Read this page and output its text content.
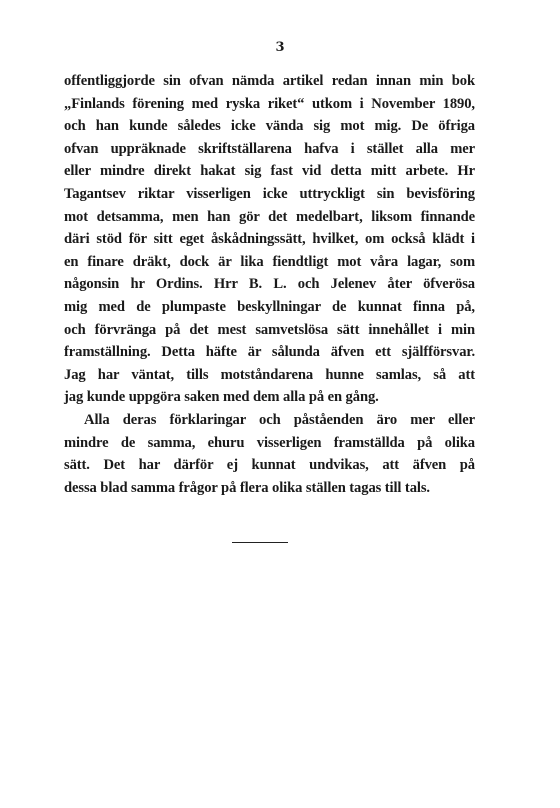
3
offentliggjorde sin ofvan nämda artikel redan innan min bok
„Finlands förening med ryska riket“ utkom i November 1890,
och han kunde således icke vända sig mot mig. De öfriga
ofvan uppräknade skriftställarena hafva i stället alla mer
eller mindre direkt hakat sig fast vid detta mitt arbete. Hr
Tagantsev riktar visserligen icke uttryckligt sin bevisföring
mot detsamma, men han gör det medelbart, liksom finnande
däri stöd för sitt eget åskådningssätt, hvilket, om också klädt i
en finare dräkt, dock är lika fiendtligt mot våra lagar, som
någonsin hr Ordins. Hrr B. L. och Jelenev åter öfverösa
mig med de plumpaste beskyllningar de kunnat finna på,
och förvränga på det mest samvetslösa sätt innehållet i min
framställning. Detta häfte är sålunda äfven ett själfförsvar.
Jag har väntat, tills motståndarena hunne samlas, så att
jag kunde uppgöra saken med dem alla på en gång.
Alla deras förklaringar och påståenden äro mer eller
mindre de samma, ehuru visserligen framställda på olika
sätt. Det har därför ej kunnat undvikas, att äfven på
dessa blad samma frågor på flera olika ställen tagas till tals.
